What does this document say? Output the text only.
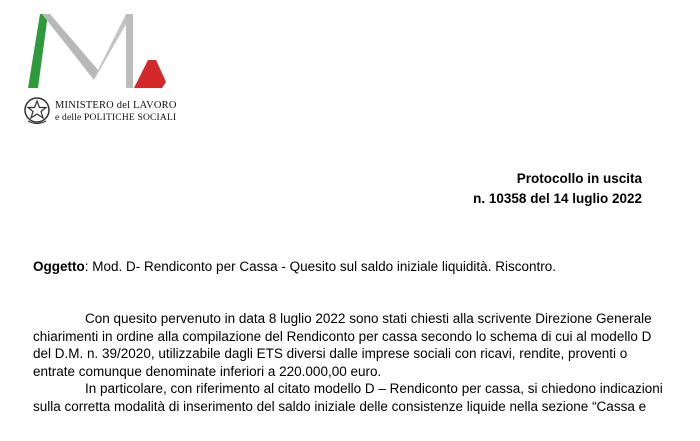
MINISTERO del LAVORO
e delle POLITICHE SOCIALI
Protocollo in uscita
n. 10358 del 14 luglio 2022
Oggetto: Mod. D- Rendiconto per Cassa - Quesito sul saldo iniziale liquidità. Riscontro.

Con quesito pervenuto in data 8 luglio 2022 sono stati chiesti alla scrivente Direzione Generale
chiarimenti in ordine alla compilazione del Rendiconto per cassa secondo lo schema di cui al modello D
del D.M. n. 39/2020, utilizzabile dagli ETS diversi dalle imprese sociali con ricavi, rendite, proventi o
entrate comunque denominate inferiori a 220.000,00 euro.

In particolare, con riferimento al citato modello D – Rendiconto per cassa, si chiedono indicazioni
sulla corretta modalità di inserimento del saldo iniziale delle consistenze liquide nella sezione “Cassa e
